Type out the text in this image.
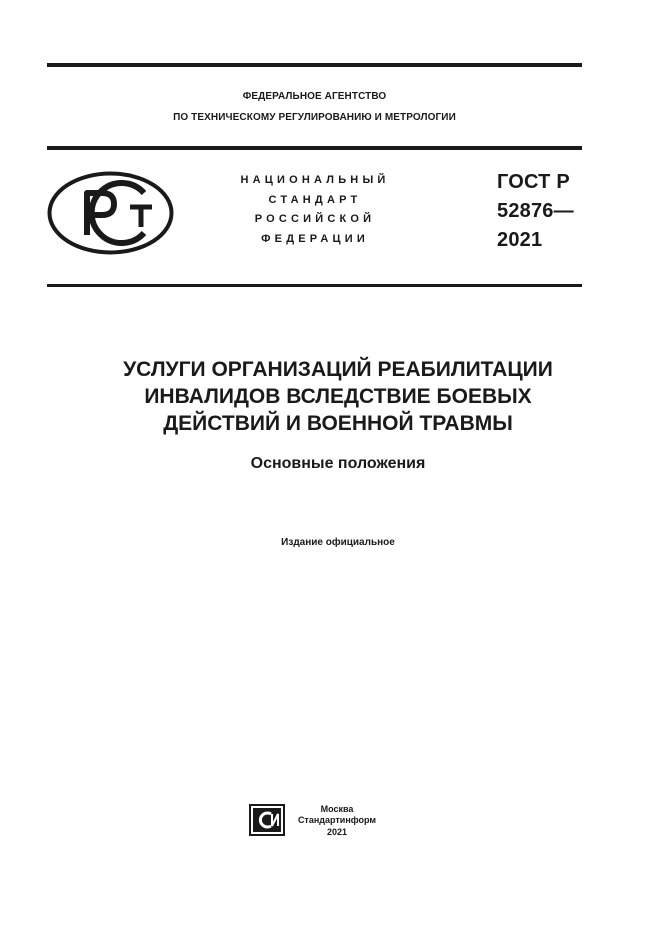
ФЕДЕРАЛЬНОЕ АГЕНТСТВО
ПО ТЕХНИЧЕСКОМУ РЕГУЛИРОВАНИЮ И МЕТРОЛОГИИ
НАЦИОНАЛЬНЫЙ
СТАНДАРТ
РОССИЙСКОЙ
ФЕДЕРАЦИИ
ГОСТ Р
52876—
2021
УСЛУГИ ОРГАНИЗАЦИЙ РЕАБИЛИТАЦИИ
ИНВАЛИДОВ ВСЛЕДСТВИЕ БОЕВЫХ
ДЕЙСТВИЙ И ВОЕННОЙ ТРАВМЫ
Основные положения
Издание официальное
Москва
Стандартинформ
2021
